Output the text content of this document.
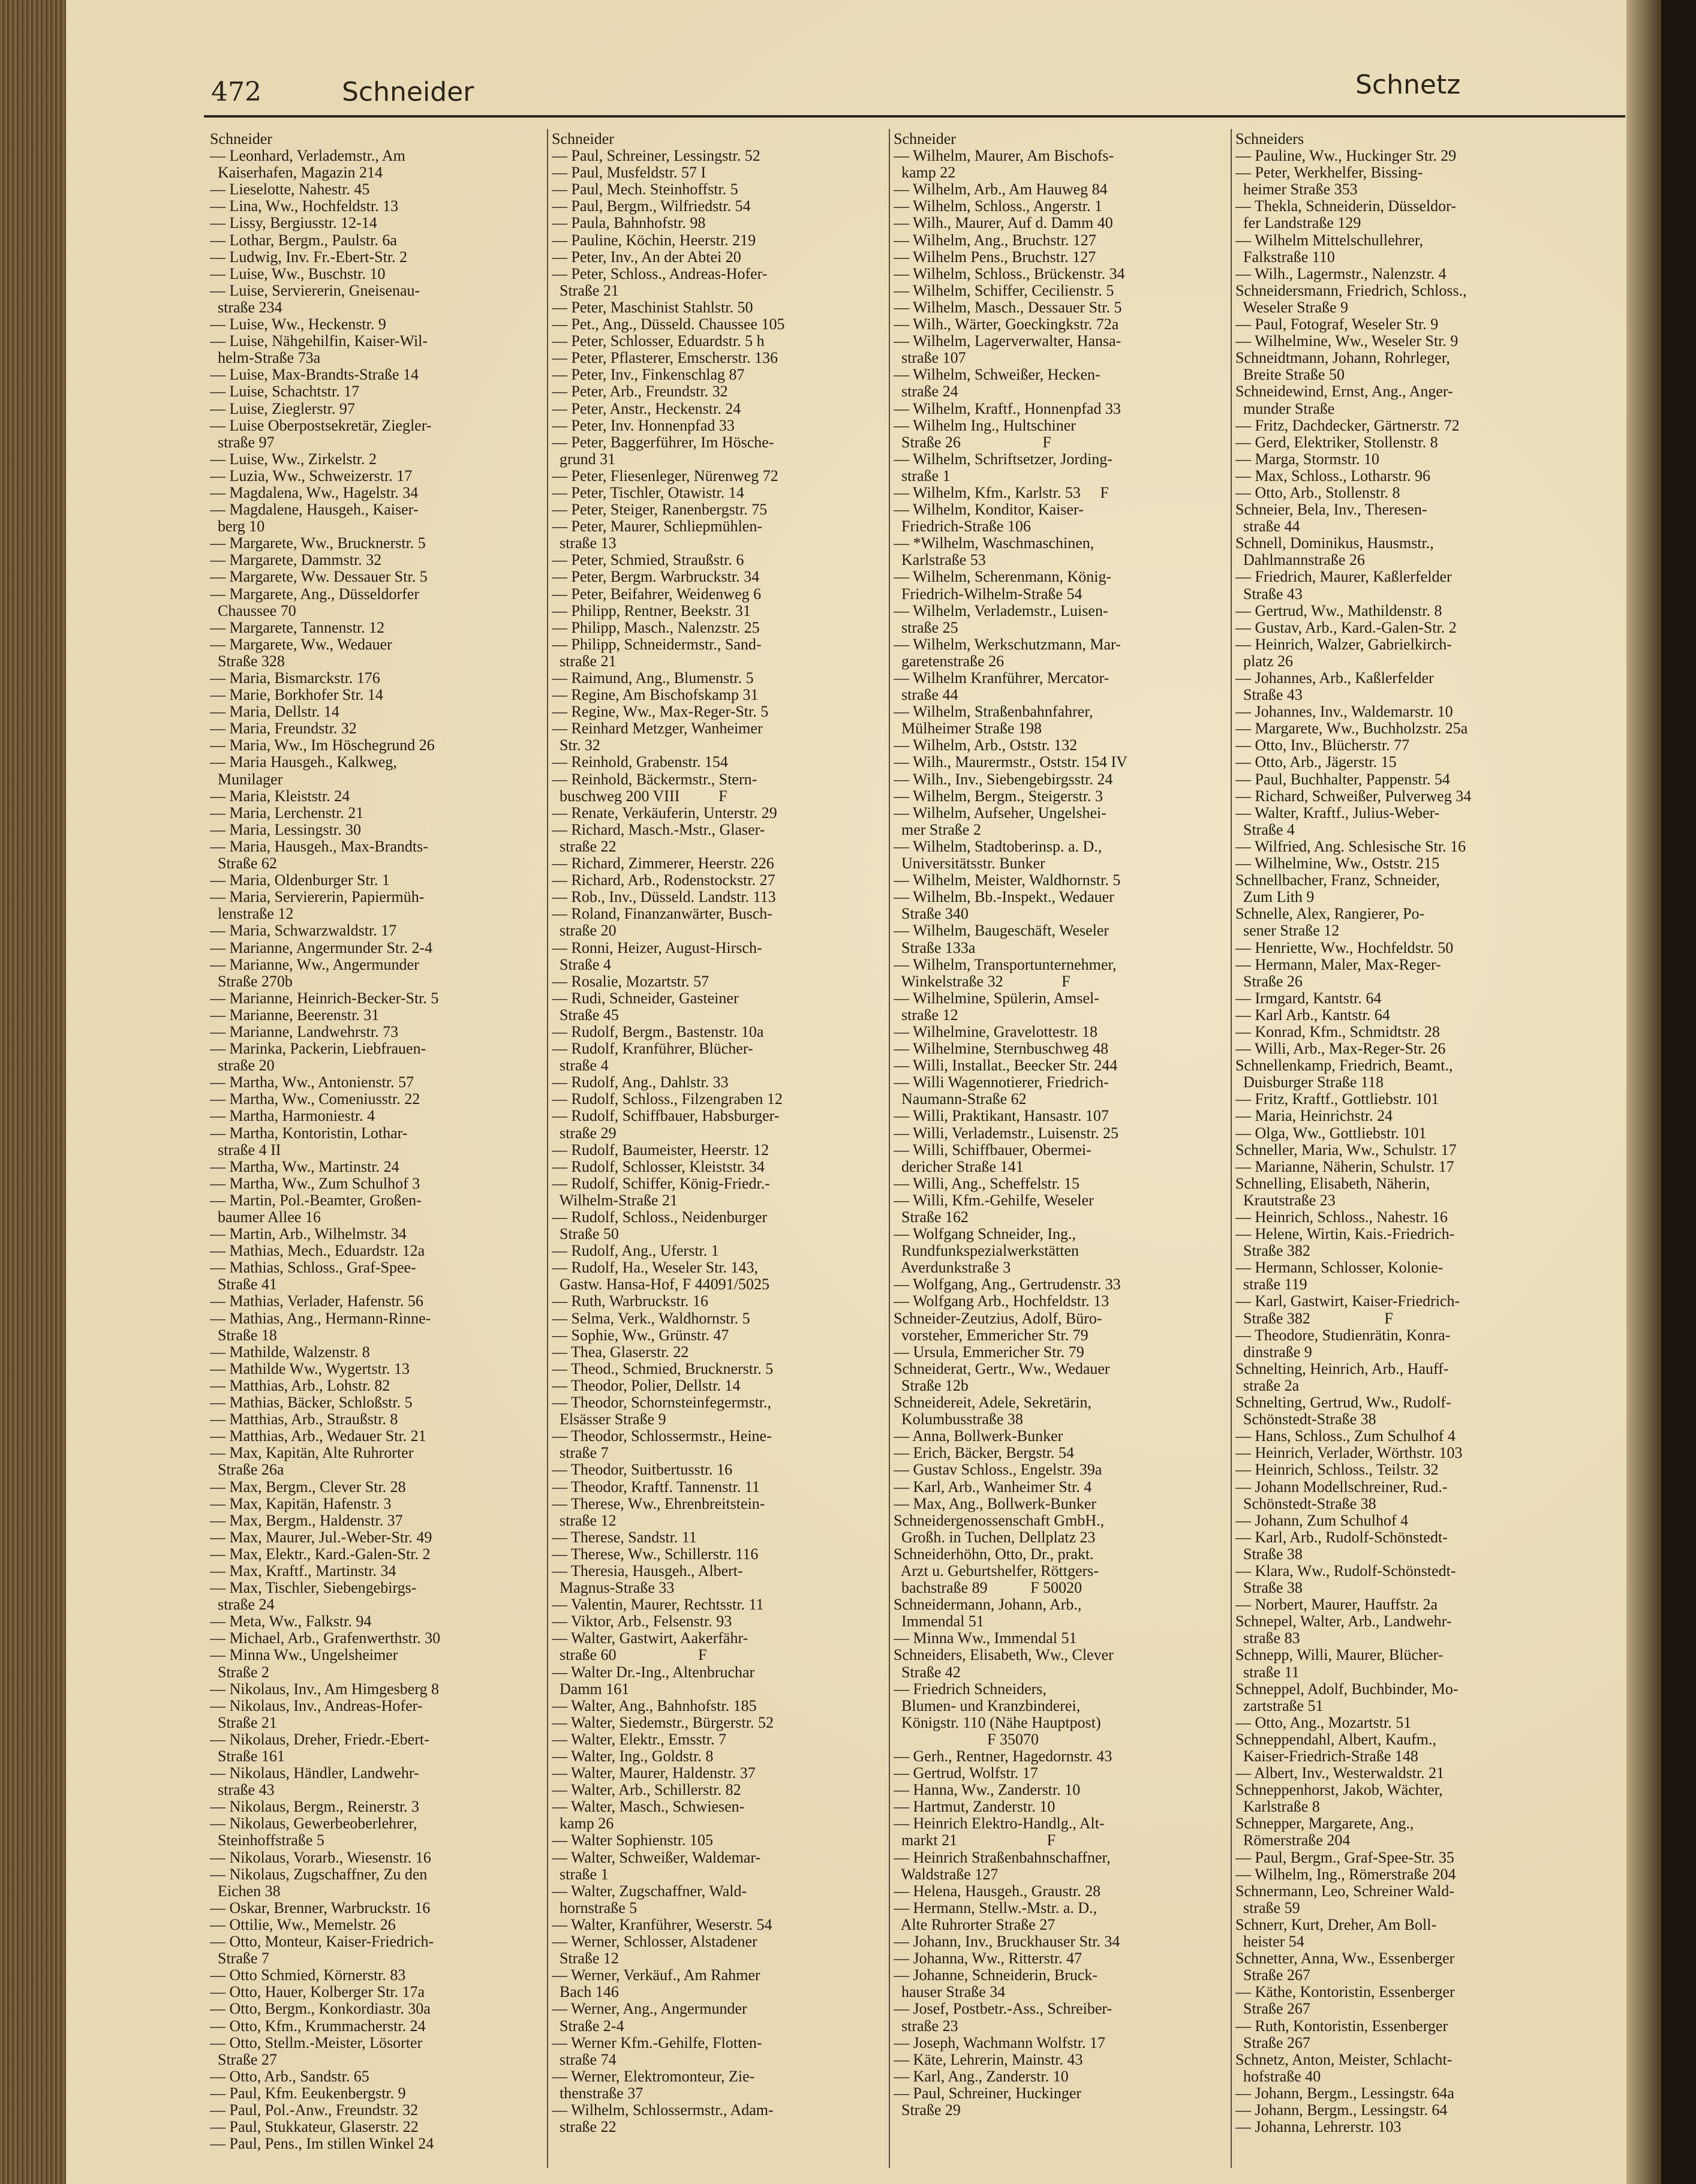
472	Schneider	Schnetz
Schneider
— Leonhard, Verlademstr., Am
Kaiserhafen, Magazin 214
— Lieselotte, Nahestr. 45
— Lina, Ww., Hochfeldstr. 13
— Lissy, Bergiusstr. 12-14
— Lothar, Bergm., Paulstr. 6a
— Ludwig, Inv. Fr.-Ebert-Str. 2
— Luise, Ww., Buschstr. 10
— Luise, Serviererin, Gneisenau-
straße 234
— Luise, Ww., Heckenstr. 9
— Luise, Nähgehilfin, Kaiser-Wil-
helm-Straße 73a
— Luise, Max-Brandts-Straße 14
— Luise, Schachtstr. 17
— Luise, Zieglerstr. 97
— Luise Oberpostsekretär, Ziegler-
straße 97
— Luise, Ww., Zirkelstr. 2
— Luzia, Ww., Schweizerstr. 17
— Magdalena, Ww., Hagelstr. 34
— Magdalene, Hausgeh., Kaiser-
berg 10
— Margarete, Ww., Brucknerstr. 5
— Margarete, Dammstr. 32
— Margarete, Ww. Dessauer Str. 5
— Margarete, Ang., Düsseldorfer
Chaussee 70
— Margarete, Tannenstr. 12
— Margarete, Ww., Wedauer
Straße 328
— Maria, Bismarckstr. 176
— Marie, Borkhofer Str. 14
— Maria, Dellstr. 14
— Maria, Freundstr. 32
— Maria, Ww., Im Höschegrund 26
— Maria Hausgeh., Kalkweg,
Munilager
— Maria, Kleiststr. 24
— Maria, Lerchenstr. 21
— Maria, Lessingstr. 30
— Maria, Hausgeh., Max-Brandts-
Straße 62
— Maria, Oldenburger Str. 1
— Maria, Serviererin, Papiermüh-
lenstraße 12
— Maria, Schwarzwaldstr. 17
— Marianne, Angermunder Str. 2-4
— Marianne, Ww., Angermunder
Straße 270b
— Marianne, Heinrich-Becker-Str. 5
— Marianne, Beerenstr. 31
— Marianne, Landwehrstr. 73
— Marinka, Packerin, Liebfrauen-
straße 20
— Martha, Ww., Antonienstr. 57
— Martha, Ww., Comeniusstr. 22
— Martha, Harmoniestr. 4
— Martha, Kontoristin, Lothar-
straße 4 II
— Martha, Ww., Martinstr. 24
— Martha, Ww., Zum Schulhof 3
— Martin, Pol.-Beamter, Großen-
baumer Allee 16
— Martin, Arb., Wilhelmstr. 34
— Mathias, Mech., Eduardstr. 12a
— Mathias, Schloss., Graf-Spee-
Straße 41
— Mathias, Verlader, Hafenstr. 56
— Mathias, Ang., Hermann-Rinne-
Straße 18
— Mathilde, Walzenstr. 8
— Mathilde Ww., Wygertstr. 13
— Matthias, Arb., Lohstr. 82
— Mathias, Bäcker, Schloßstr. 5
— Matthias, Arb., Straußstr. 8
— Matthias, Arb., Wedauer Str. 21
— Max, Kapitän, Alte Ruhrorter
Straße 26a
— Max, Bergm., Clever Str. 28
— Max, Kapitän, Hafenstr. 3
— Max, Bergm., Haldenstr. 37
— Max, Maurer, Jul.-Weber-Str. 49
— Max, Elektr., Kard.-Galen-Str. 2
— Max, Kraftf., Martinstr. 34
— Max, Tischler, Siebengebirgs-
straße 24
— Meta, Ww., Falkstr. 94
— Michael, Arb., Grafenwerthstr. 30
— Minna Ww., Ungelsheimer
Straße 2
— Nikolaus, Inv., Am Himgesberg 8
— Nikolaus, Inv., Andreas-Hofer-
Straße 21
— Nikolaus, Dreher, Friedr.-Ebert-
Straße 161
— Nikolaus, Händler, Landwehr-
straße 43
— Nikolaus, Bergm., Reinerstr. 3
— Nikolaus, Gewerbeoberlehrer,
Steinhoffstraße 5
— Nikolaus, Vorarb., Wiesenstr. 16
— Nikolaus, Zugschaffner, Zu den
Eichen 38
— Oskar, Brenner, Warbruckstr. 16
— Ottilie, Ww., Memelstr. 26
— Otto, Monteur, Kaiser-Friedrich-
Straße 7
— Otto Schmied, Körnerstr. 83
— Otto, Hauer, Kolberger Str. 17a
— Otto, Bergm., Konkordiastr. 30a
— Otto, Kfm., Krummacherstr. 24
— Otto, Stellm.-Meister, Lösorter
Straße 27
— Otto, Arb., Sandstr. 65
— Paul, Kfm. Eeukenbergstr. 9
— Paul, Pol.-Anw., Freundstr. 32
— Paul, Stukkateur, Glaserstr. 22
— Paul, Pens., Im stillen Winkel 24
Schneider
— Paul, Schreiner, Lessingstr. 52
— Paul, Musfeldstr. 57 I
— Paul, Mech. Steinhoffstr. 5
— Paul, Bergm., Wilfriedstr. 54
— Paula, Bahnhofstr. 98
— Pauline, Köchin, Heerstr. 219
— Peter, Inv., An der Abtei 20
— Peter, Schloss., Andreas-Hofer-
Straße 21
— Peter, Maschinist Stahlstr. 50
— Pet., Ang., Düsseld. Chaussee 105
— Peter, Schlosser, Eduardstr. 5 h
— Peter, Pflasterer, Emscherstr. 136
— Peter, Inv., Finkenschlag 87
— Peter, Arb., Freundstr. 32
— Peter, Anstr., Heckenstr. 24
— Peter, Inv. Honnenpfad 33
— Peter, Baggerführer, Im Hösche-
grund 31
— Peter, Fliesenleger, Nürenweg 72
— Peter, Tischler, Otawistr. 14
— Peter, Steiger, Ranenbergstr. 75
— Peter, Maurer, Schliepmühlen-
straße 13
— Peter, Schmied, Straußstr. 6
— Peter, Bergm. Warbruckstr. 34
— Peter, Beifahrer, Weidenweg 6
— Philipp, Rentner, Beekstr. 31
— Philipp, Masch., Nalenzstr. 25
— Philipp, Schneidermstr., Sand-
straße 21
— Raimund, Ang., Blumenstr. 5
— Regine, Am Bischofskamp 31
— Regine, Ww., Max-Reger-Str. 5
— Reinhard Metzger, Wanheimer
Str. 32
— Reinhold, Grabenstr. 154
— Reinhold, Bäckermstr., Stern-
buschweg 200 VIII          F
— Renate, Verkäuferin, Unterstr. 29
— Richard, Masch.-Mstr., Glaser-
straße 22
— Richard, Zimmerer, Heerstr. 226
— Richard, Arb., Rodenstockstr. 27
— Rob., Inv., Düsseld. Landstr. 113
— Roland, Finanzanwärter, Busch-
straße 20
— Ronni, Heizer, August-Hirsch-
Straße 4
— Rosalie, Mozartstr. 57
— Rudi, Schneider, Gasteiner
Straße 45
— Rudolf, Bergm., Bastenstr. 10a
— Rudolf, Kranführer, Blücher-
straße 4
— Rudolf, Ang., Dahlstr. 33
— Rudolf, Schloss., Filzengraben 12
— Rudolf, Schiffbauer, Habsburger-
straße 29
— Rudolf, Baumeister, Heerstr. 12
— Rudolf, Schlosser, Kleiststr. 34
— Rudolf, Schiffer, König-Friedr.-
Wilhelm-Straße 21
— Rudolf, Schloss., Neidenburger
Straße 50
— Rudolf, Ang., Uferstr. 1
— Rudolf, Ha., Weseler Str. 143,
Gastw. Hansa-Hof, F 44091/5025
— Ruth, Warbruckstr. 16
— Selma, Verk., Waldhornstr. 5
— Sophie, Ww., Grünstr. 47
— Thea, Glaserstr. 22
— Theod., Schmied, Brucknerstr. 5
— Theodor, Polier, Dellstr. 14
— Theodor, Schornsteinfegermstr.,
Elsässer Straße 9
— Theodor, Schlossermstr., Heine-
straße 7
— Theodor, Suitbertusstr. 16
— Theodor, Kraftf. Tannenstr. 11
— Therese, Ww., Ehrenbreitstein-
straße 12
— Therese, Sandstr. 11
— Therese, Ww., Schillerstr. 116
— Theresia, Hausgeh., Albert-
Magnus-Straße 33
— Valentin, Maurer, Rechtsstr. 11
— Viktor, Arb., Felsenstr. 93
— Walter, Gastwirt, Aakerfähr-
straße 60                     F
— Walter Dr.-Ing., Altenbruchar
Damm 161
— Walter, Ang., Bahnhofstr. 185
— Walter, Siedemstr., Bürgerstr. 52
— Walter, Elektr., Emsstr. 7
— Walter, Ing., Goldstr. 8
— Walter, Maurer, Haldenstr. 37
— Walter, Arb., Schillerstr. 82
— Walter, Masch., Schwiesen-
kamp 26
— Walter Sophienstr. 105
— Walter, Schweißer, Waldemar-
straße 1
— Walter, Zugschaffner, Wald-
hornstraße 5
— Walter, Kranführer, Weserstr. 54
— Werner, Schlosser, Alstadener
Straße 12
— Werner, Verkäuf., Am Rahmer
Bach 146
— Werner, Ang., Angermunder
Straße 2-4
— Werner Kfm.-Gehilfe, Flotten-
straße 74
— Werner, Elektromonteur, Zie-
thenstraße 37
— Wilhelm, Schlossermstr., Adam-
straße 22
Schneider
— Wilhelm, Maurer, Am Bischofs-
kamp 22
— Wilhelm, Arb., Am Hauweg 84
— Wilhelm, Schloss., Angerstr. 1
— Wilh., Maurer, Auf d. Damm 40
— Wilhelm, Ang., Bruchstr. 127
— Wilhelm Pens., Bruchstr. 127
— Wilhelm, Schloss., Brückenstr. 34
— Wilhelm, Schiffer, Cecilienstr. 5
— Wilhelm, Masch., Dessauer Str. 5
— Wilh., Wärter, Goeckingkstr. 72a
— Wilhelm, Lagerverwalter, Hansa-
straße 107
— Wilhelm, Schweißer, Hecken-
straße 24
— Wilhelm, Kraftf., Honnenpfad 33
— Wilhelm Ing., Hultschiner
Straße 26                     F
— Wilhelm, Schriftsetzer, Jording-
straße 1
— Wilhelm, Kfm., Karlstr. 53     F
— Wilhelm, Konditor, Kaiser-
Friedrich-Straße 106
— *Wilhelm, Waschmaschinen,
Karlstraße 53
— Wilhelm, Scherenmann, König-
Friedrich-Wilhelm-Straße 54
— Wilhelm, Verlademstr., Luisen-
straße 25
— Wilhelm, Werkschutzmann, Mar-
garetenstraße 26
— Wilhelm Kranführer, Mercator-
straße 44
— Wilhelm, Straßenbahnfahrer,
Mülheimer Straße 198
— Wilhelm, Arb., Oststr. 132
— Wilh., Maurermstr., Oststr. 154 IV
— Wilh., Inv., Siebengebirgsstr. 24
— Wilhelm, Bergm., Steigerstr. 3
— Wilhelm, Aufseher, Ungelshei-
mer Straße 2
— Wilhelm, Stadtoberinsp. a. D.,
Universitätsstr. Bunker
— Wilhelm, Meister, Waldhornstr. 5
— Wilhelm, Bb.-Inspekt., Wedauer
Straße 340
— Wilhelm, Baugeschäft, Weseler
Straße 133a
— Wilhelm, Transportunternehmer,
Winkelstraße 32               F
— Wilhelmine, Spülerin, Amsel-
straße 12
— Wilhelmine, Gravelottestr. 18
— Wilhelmine, Sternbuschweg 48
— Willi, Installat., Beecker Str. 244
— Willi Wagennotierer, Friedrich-
Naumann-Straße 62
— Willi, Praktikant, Hansastr. 107
— Willi, Verlademstr., Luisenstr. 25
— Willi, Schiffbauer, Obermei-
dericher Straße 141
— Willi, Ang., Scheffelstr. 15
— Willi, Kfm.-Gehilfe, Weseler
Straße 162
— Wolfgang Schneider, Ing.,
Rundfunkspezialwerkstätten
Averdunkstraße 3
— Wolfgang, Ang., Gertrudenstr. 33
— Wolfgang Arb., Hochfeldstr. 13
Schneider-Zeutzius, Adolf, Büro-
vorsteher, Emmericher Str. 79
— Ursula, Emmericher Str. 79
Schneiderat, Gertr., Ww., Wedauer
Straße 12b
Schneidereit, Adele, Sekretärin,
Kolumbusstraße 38
— Anna, Bollwerk-Bunker
— Erich, Bäcker, Bergstr. 54
— Gustav Schloss., Engelstr. 39a
— Karl, Arb., Wanheimer Str. 4
— Max, Ang., Bollwerk-Bunker
Schneidergenossenschaft GmbH.,
Großh. in Tuchen, Dellplatz 23
Schneiderhöhn, Otto, Dr., prakt.
Arzt u. Geburtshelfer, Röttgers-
bachstraße 89           F 50020
Schneidermann, Johann, Arb.,
Immendal 51
— Minna Ww., Immendal 51
Schneiders, Elisabeth, Ww., Clever
Straße 42
— Friedrich Schneiders,
Blumen- und Kranzbinderei,
Königstr. 110 (Nähe Hauptpost)
F 35070
— Gerh., Rentner, Hagedornstr. 43
— Gertrud, Wolfstr. 17
— Hanna, Ww., Zanderstr. 10
— Hartmut, Zanderstr. 10
— Heinrich Elektro-Handlg., Alt-
markt 21                       F
— Heinrich Straßenbahnschaffner,
Waldstraße 127
— Helena, Hausgeh., Graustr. 28
— Hermann, Stellw.-Mstr. a. D.,
Alte Ruhrorter Straße 27
— Johann, Inv., Bruckhauser Str. 34
— Johanna, Ww., Ritterstr. 47
— Johanne, Schneiderin, Bruck-
hauser Straße 34
— Josef, Postbetr.-Ass., Schreiber-
straße 23
— Joseph, Wachmann Wolfstr. 17
— Käte, Lehrerin, Mainstr. 43
— Karl, Ang., Zanderstr. 10
— Paul, Schreiner, Huckinger
Straße 29
Schneiders
— Pauline, Ww., Huckinger Str. 29
— Peter, Werkhelfer, Bissing-
heimer Straße 353
— Thekla, Schneiderin, Düsseldor-
fer Landstraße 129
— Wilhelm Mittelschullehrer,
Falkstraße 110
— Wilh., Lagermstr., Nalenzstr. 4
Schneidersmann, Friedrich, Schloss.,
Weseler Straße 9
— Paul, Fotograf, Weseler Str. 9
— Wilhelmine, Ww., Weseler Str. 9
Schneidtmann, Johann, Rohrleger,
Breite Straße 50
Schneidewind, Ernst, Ang., Anger-
munder Straße
— Fritz, Dachdecker, Gärtnerstr. 72
— Gerd, Elektriker, Stollenstr. 8
— Marga, Stormstr. 10
— Max, Schloss., Lotharstr. 96
— Otto, Arb., Stollenstr. 8
Schneier, Bela, Inv., Theresen-
straße 44
Schnell, Dominikus, Hausmstr.,
Dahlmannstraße 26
— Friedrich, Maurer, Kaßlerfelder
Straße 43
— Gertrud, Ww., Mathildenstr. 8
— Gustav, Arb., Kard.-Galen-Str. 2
— Heinrich, Walzer, Gabrielkirch-
platz 26
— Johannes, Arb., Kaßlerfelder
Straße 43
— Johannes, Inv., Waldemarstr. 10
— Margarete, Ww., Buchholzstr. 25a
— Otto, Inv., Blücherstr. 77
— Otto, Arb., Jägerstr. 15
— Paul, Buchhalter, Pappenstr. 54
— Richard, Schweißer, Pulverweg 34
— Walter, Kraftf., Julius-Weber-
Straße 4
— Wilfried, Ang. Schlesische Str. 16
— Wilhelmine, Ww., Oststr. 215
Schnellbacher, Franz, Schneider,
Zum Lith 9
Schnelle, Alex, Rangierer, Po-
sener Straße 12
— Henriette, Ww., Hochfeldstr. 50
— Hermann, Maler, Max-Reger-
Straße 26
— Irmgard, Kantstr. 64
— Karl Arb., Kantstr. 64
— Konrad, Kfm., Schmidtstr. 28
— Willi, Arb., Max-Reger-Str. 26
Schnellenkamp, Friedrich, Beamt.,
Duisburger Straße 118
— Fritz, Kraftf., Gottliebstr. 101
— Maria, Heinrichstr. 24
— Olga, Ww., Gottliebstr. 101
Schneller, Maria, Ww., Schulstr. 17
— Marianne, Näherin, Schulstr. 17
Schnelling, Elisabeth, Näherin,
Krautstraße 23
— Heinrich, Schloss., Nahestr. 16
— Helene, Wirtin, Kais.-Friedrich-
Straße 382
— Hermann, Schlosser, Kolonie-
straße 119
— Karl, Gastwirt, Kaiser-Friedrich-
Straße 382                   F
— Theodore, Studienrätin, Konra-
dinstraße 9
Schnelting, Heinrich, Arb., Hauff-
straße 2a
Schnelting, Gertrud, Ww., Rudolf-
Schönstedt-Straße 38
— Hans, Schloss., Zum Schulhof 4
— Heinrich, Verlader, Wörthstr. 103
— Heinrich, Schloss., Teilstr. 32
— Johann Modellschreiner, Rud.-
Schönstedt-Straße 38
— Johann, Zum Schulhof 4
— Karl, Arb., Rudolf-Schönstedt-
Straße 38
— Klara, Ww., Rudolf-Schönstedt-
Straße 38
— Norbert, Maurer, Hauffstr. 2a
Schnepel, Walter, Arb., Landwehr-
straße 83
Schnepp, Willi, Maurer, Blücher-
straße 11
Schneppel, Adolf, Buchbinder, Mo-
zartstraße 51
— Otto, Ang., Mozartstr. 51
Schneppendahl, Albert, Kaufm.,
Kaiser-Friedrich-Straße 148
— Albert, Inv., Westerwaldstr. 21
Schneppenhorst, Jakob, Wächter,
Karlstraße 8
Schnepper, Margarete, Ang.,
Römerstraße 204
— Paul, Bergm., Graf-Spee-Str. 35
— Wilhelm, Ing., Römerstraße 204
Schnermann, Leo, Schreiner Wald-
straße 59
Schnerr, Kurt, Dreher, Am Boll-
heister 54
Schnetter, Anna, Ww., Essenberger
Straße 267
— Käthe, Kontoristin, Essenberger
Straße 267
— Ruth, Kontoristin, Essenberger
Straße 267
Schnetz, Anton, Meister, Schlacht-
hofstraße 40
— Johann, Bergm., Lessingstr. 64a
— Johann, Bergm., Lessingstr. 64
— Johanna, Lehrerstr. 103
